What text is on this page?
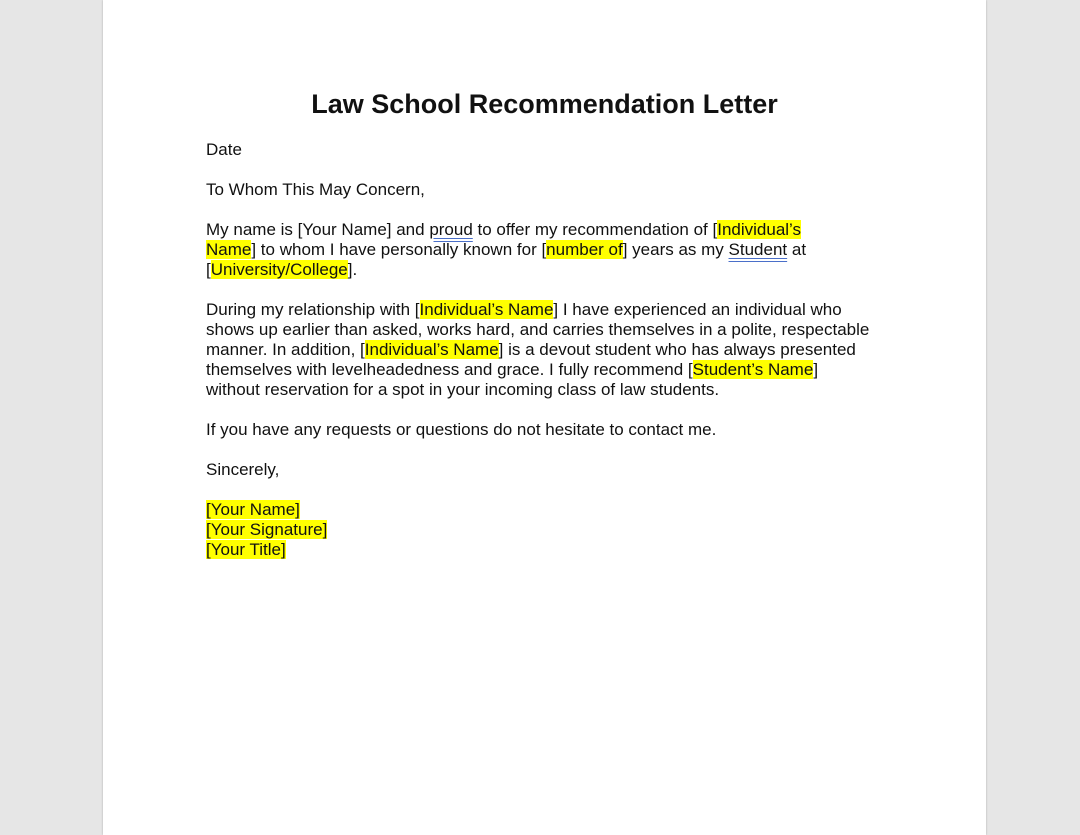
Law School Recommendation Letter

Date

To Whom This May Concern,

My name is [Your Name] and proud to offer my recommendation of [Individual’s
Name] to whom I have personally known for [number of] years as my Student at
[University/College].

During my relationship with [Individual’s Name] I have experienced an individual who shows up earlier than asked, works hard, and carries themselves in a polite, respectable manner. In addition, [Individual’s Name] is a devout student who has always presented themselves with levelheadedness and grace. I fully recommend [Student’s Name] without reservation for a spot in your incoming class of law students.

If you have any requests or questions do not hesitate to contact me.

Sincerely,

[Your Name]
[Your Signature]
[Your Title]
